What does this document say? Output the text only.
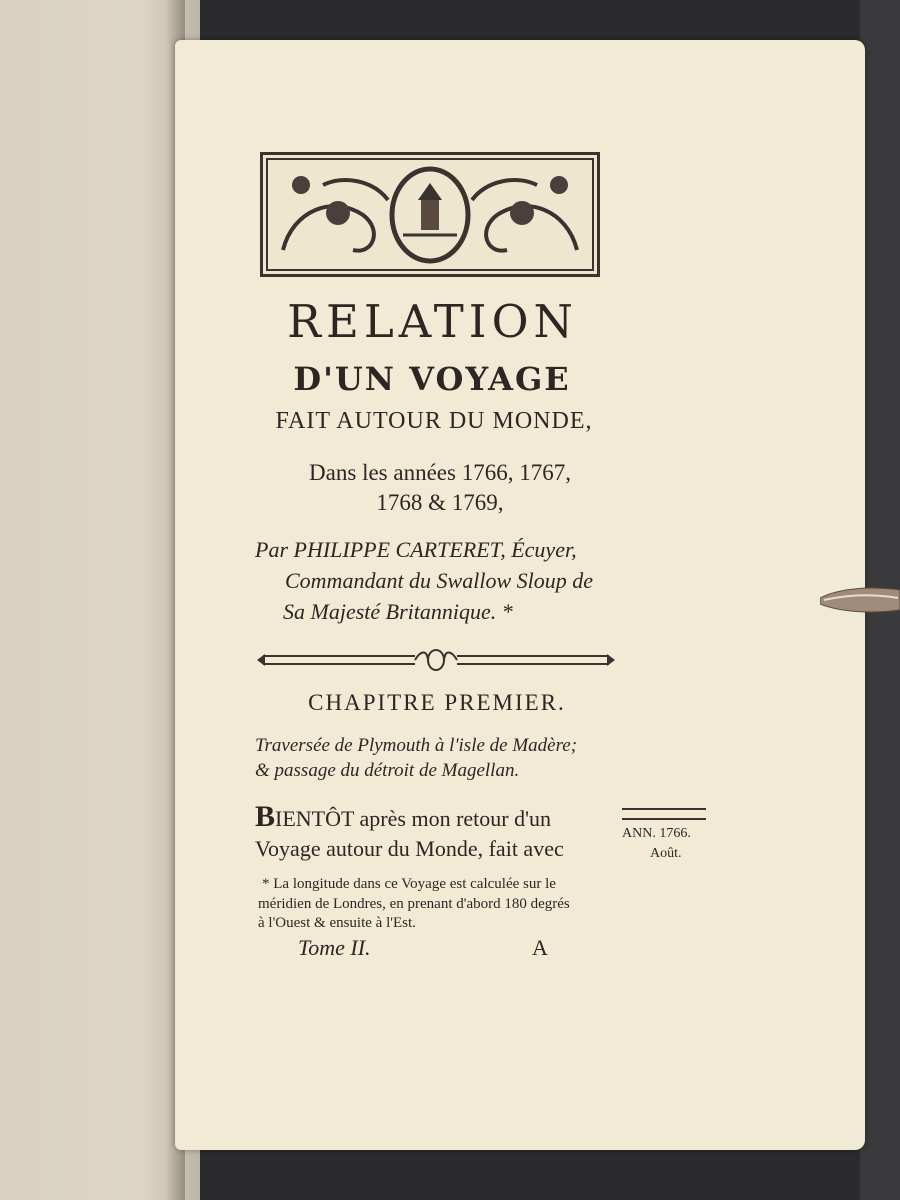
RELATION
D'UN VOYAGE
FAIT AUTOUR DU MONDE,
Dans les années 1766, 1767,
1768 & 1769,
Par PHILIPPE CARTERET, Écuyer,
Commandant du Swallow Sloup de
Sa Majesté Britannique. *
CHAPITRE PREMIER.
Traversée de Plymouth à l'isle de Madère;
& passage du détroit de Magellan.
BIENTÔT après mon retour d'un
Voyage autour du Monde, fait avec
ANN. 1766.
Août.
* La longitude dans ce Voyage est calculée sur le
méridien de Londres, en prenant d'abord 180 degrés
à l'Ouest & ensuite à l'Est.
Tome II.	A
